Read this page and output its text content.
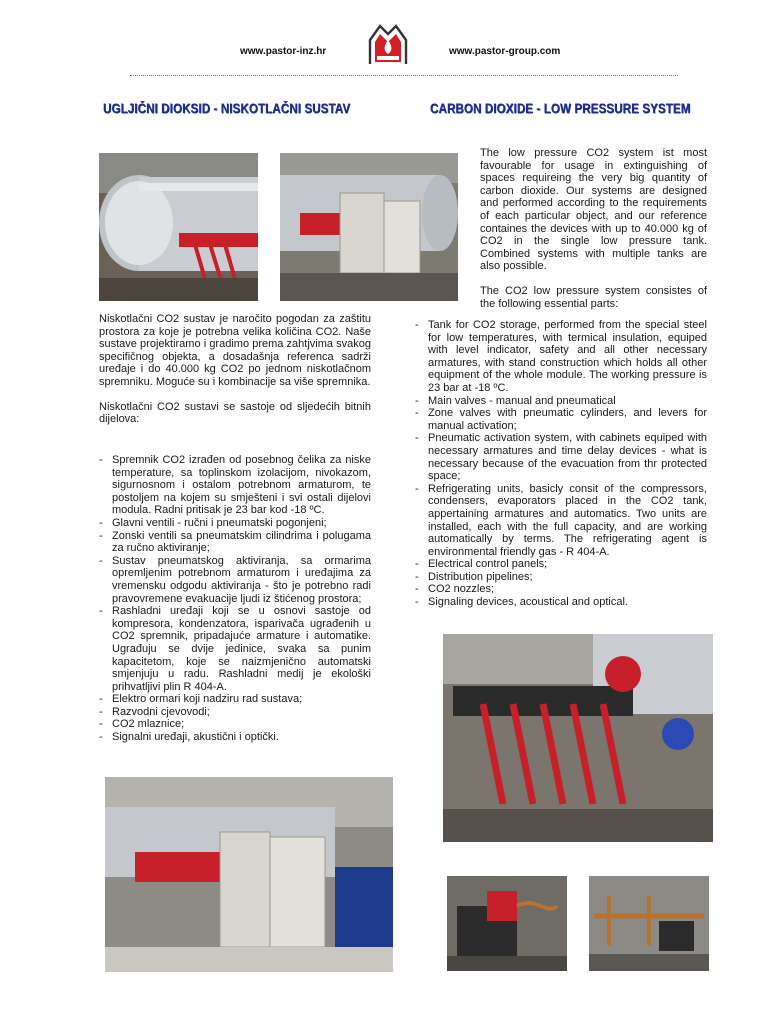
www.pastor-inz.hr	www.pastor-group.com
UGLJIČNI DIOKSID - NISKOTLAČNI SUSTAV	CARBON DIOXIDE - LOW PRESSURE SYSTEM

The low pressure CO2 system ist most favourable for usage in extinguishing of spaces requireing the very big quantity of carbon dioxide. Our systems are designed and performed according to the requirements of each particular object, and our reference containes the devices with up to 40.000 kg of CO2 in the single low pressure tank. Combined systems with multiple tanks are also possible.

The CO2 low pressure system consistes of the following essential parts:

- Tank for CO2 storage, performed from the special steel for low temperatures, with termical insulation, equiped with level indicator, safety and all other necessary armatures, with stand construction which holds all other equipment of the whole module. The working pressure is 23 bar at -18 ºC.
- Main valves - manual and pneumatical
- Zone valves with pneumatic cylinders, and levers for manual activation;
- Pneumatic activation system, with cabinets equiped with necessary armatures and time delay devices - what is necessary because of the evacuation from thr protected space;
- Refrigerating units, basicly consit of the compressors, condensers, evaporators placed in the CO2 tank, appertaining armatures and automatics. Two units are installed, each with the full capacity, and are working automatically by terms. The refrigerating agent is environmental friendly gas - R 404-A.
- Electrical control panels;
- Distribution pipelines;
- CO2 nozzles;
- Signaling devices, acoustical and optical.

Niskotlačni CO2 sustav je naročito pogodan za zaštitu prostora za koje je potrebna velika količina CO2. Naše sustave projektiramo i gradimo prema zahtjvima svakog specifičnog objekta, a dosadašnja referenca sadrži uređaje i do 40.000 kg CO2 po jednom niskotlačnom spremniku. Moguće su i kombinacije sa više spremnika.

Niskotlačni CO2 sustavi se sastoje od sljedećih bitnih dijelova:

- Spremnik CO2 izrađen od posebnog čelika za niske temperature, sa toplinskom izolacijom, nivokazom, sigurnosnom i ostalom potrebnom armaturom, te postoljem na kojem su smješteni i svi ostali dijelovi modula. Radni pritisak je 23 bar kod -18 ºC.
- Glavni ventili - ručni i pneumatski pogonjeni;
- Zonski ventili sa pneumatskim cilindrima i polugama za ručno aktiviranje;
- Sustav pneumatskog aktiviranja, sa ormarima opremljenim potrebnom armaturom i uređajima za vremensku odgodu aktiviranja - što je potrebno radi pravovremene evakuacije ljudi iz štićenog prostora;
- Rashladni uređaji koji se u osnovi sastoje od kompresora, kondenzatora, isparivača ugrađenih u CO2 spremnik, pripadajuće armature i automatike. Ugrađuju se dvije jedinice, svaka sa punim kapacitetom, koje se naizmjenično automatski smjenjuju u radu. Rashladni medij je ekološki prihvatljivi plin R 404-A.
- Elektro ormari koji nadziru rad sustava;
- Razvodni cjevovodi;
- CO2 mlaznice;
- Signalni uređaji, akustični i optički.
